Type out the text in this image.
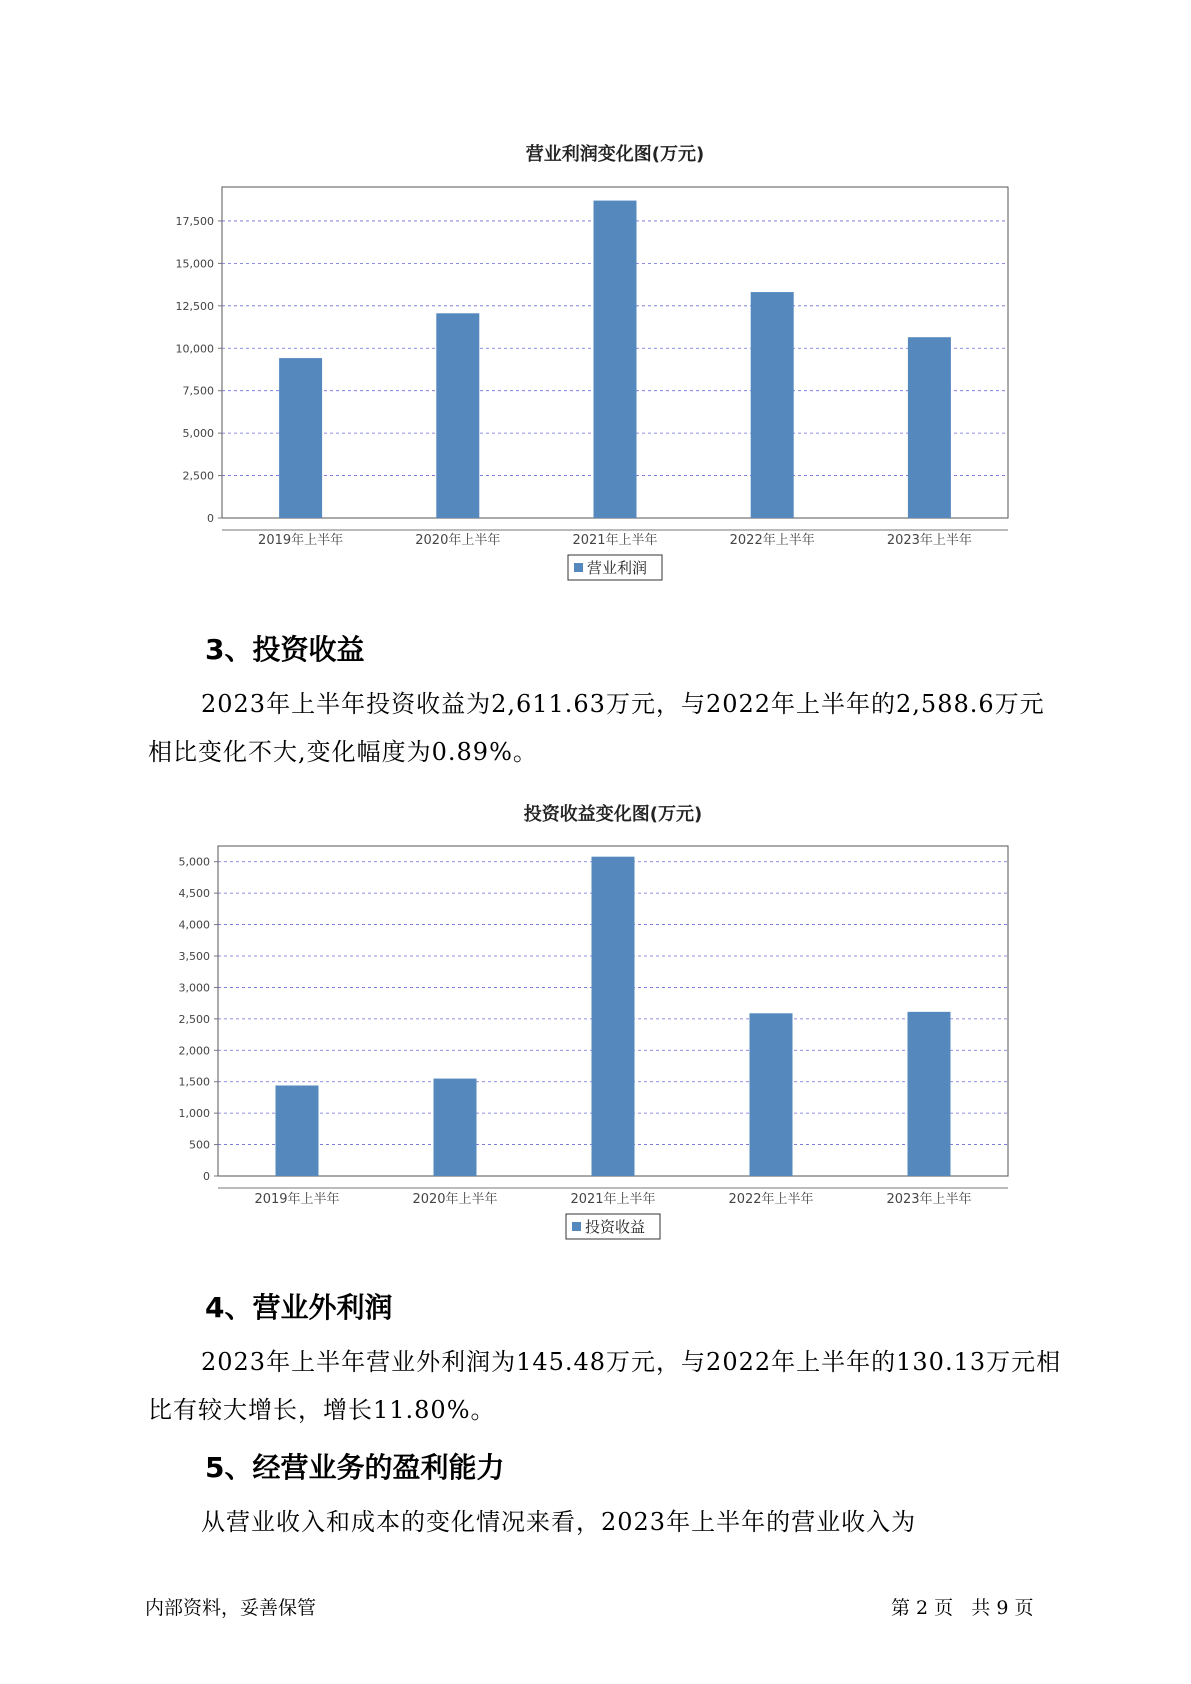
营业利润变化图(万元)
0
2,500
5,000
7,500
10,000
12,500
15,000
17,500
2019年上半年	2020年上半年	2021年上半年	2022年上半年	2023年上半年
营业利润
3、投资收益
2023年上半年投资收益为2,611.63万元，与2022年上半年的2,588.6万元相比变化不大,变化幅度为0.89%。
投资收益变化图(万元)
0
500
1,000
1,500
2,000
2,500
3,000
3,500
4,000
4,500
5,000
2019年上半年	2020年上半年	2021年上半年	2022年上半年	2023年上半年
投资收益
4、营业外利润
2023年上半年营业外利润为145.48万元，与2022年上半年的130.13万元相比有较大增长，增长11.80%。
5、经营业务的盈利能力
从营业收入和成本的变化情况来看，2023年上半年的营业收入为
内部资料，妥善保管	第 2 页   共 9 页
